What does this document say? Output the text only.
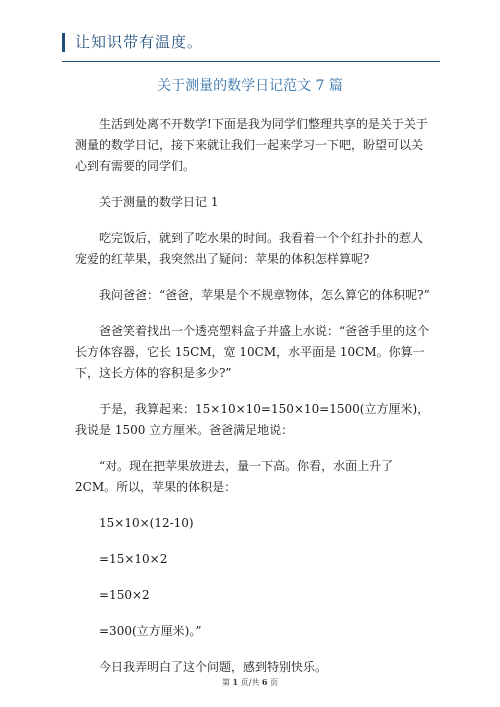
让知识带有温度。
关于测量的数学日记范文 7 篇

生活到处离不开数学!下面是我为同学们整理共享的是关于关于测量的数学日记，接下来就让我们一起来学习一下吧，盼望可以关心到有需要的同学们。

关于测量的数学日记 1

吃完饭后，就到了吃水果的时间。我看着一个个红扑扑的惹人宠爱的红苹果，我突然出了疑问：苹果的体积怎样算呢?

我问爸爸：“爸爸，苹果是个不规章物体，怎么算它的体积呢?”

爸爸笑着找出一个透亮塑料盒子并盛上水说：“爸爸手里的这个长方体容器，它长 15CM，宽 10CM，水平面是 10CM。你算一下，这长方体的容积是多少?”

于是，我算起来：15×10×10=150×10=1500(立方厘米)，我说是 1500 立方厘米。爸爸满足地说：

“对。现在把苹果放进去，量一下高。你看，水面上升了 2CM。所以，苹果的体积是：

15×10×(12-10)

=15×10×2

=150×2

=300(立方厘米)。”

今日我弄明白了这个问题，感到特别快乐。

第 1 页/共 6 页
